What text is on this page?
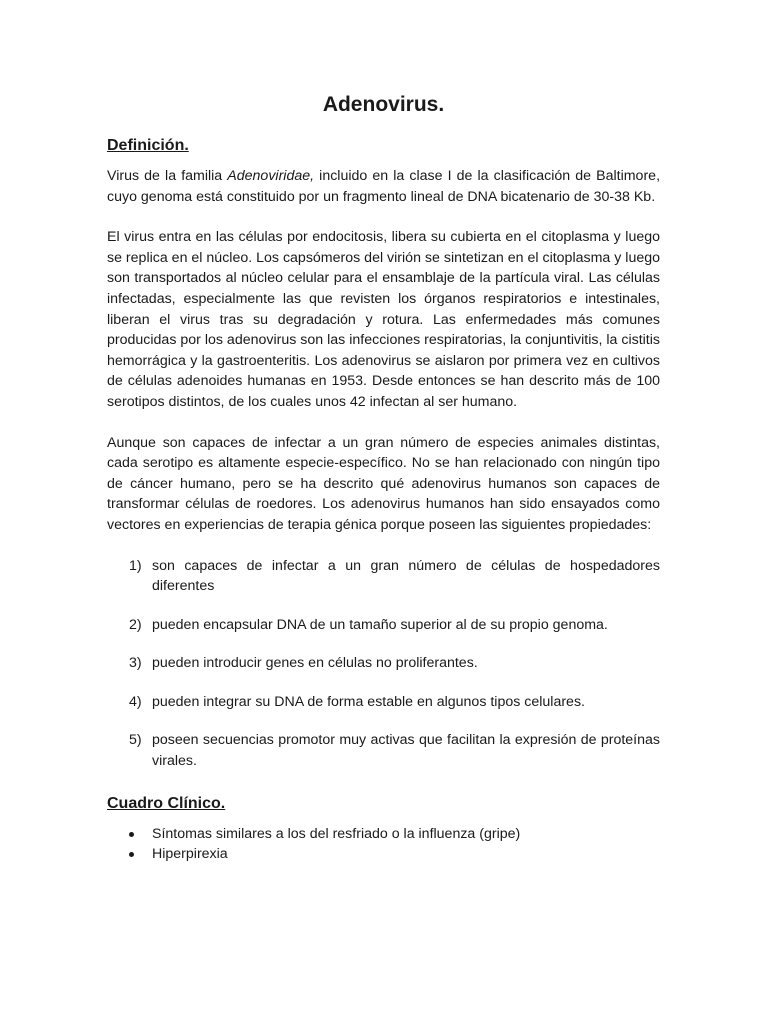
Adenovirus.
Definición.

Virus de la familia Adenoviridae, incluido en la clase I de la clasificación de Baltimore, cuyo genoma está constituido por un fragmento lineal de DNA bicatenario de 30-38 Kb.

El virus entra en las células por endocitosis, libera su cubierta en el citoplasma y luego se replica en el núcleo. Los capsómeros del virión se sintetizan en el citoplasma y luego son transportados al núcleo celular para el ensamblaje de la partícula viral. Las células infectadas, especialmente las que revisten los órganos respiratorios e intestinales, liberan el virus tras su degradación y rotura. Las enfermedades más comunes producidas por los adenovirus son las infecciones respiratorias, la conjuntivitis, la cistitis hemorrágica y la gastroenteritis. Los adenovirus se aislaron por primera vez en cultivos de células adenoides humanas en 1953. Desde entonces se han descrito más de 100 serotipos distintos, de los cuales unos 42 infectan al ser humano.

Aunque son capaces de infectar a un gran número de especies animales distintas, cada serotipo es altamente especie-específico. No se han relacionado con ningún tipo de cáncer humano, pero se ha descrito qué adenovirus humanos son capaces de transformar células de roedores. Los adenovirus humanos han sido ensayados como vectores en experiencias de terapia génica porque poseen las siguientes propiedades:

1) son capaces de infectar a un gran número de células de hospedadores diferentes
2) pueden encapsular DNA de un tamaño superior al de su propio genoma.
3) pueden introducir genes en células no proliferantes.
4) pueden integrar su DNA de forma estable en algunos tipos celulares.
5) poseen secuencias promotor muy activas que facilitan la expresión de proteínas virales.
Cuadro Clínico.
Síntomas similares a los del resfriado o la influenza (gripe)
Hiperpirexia
